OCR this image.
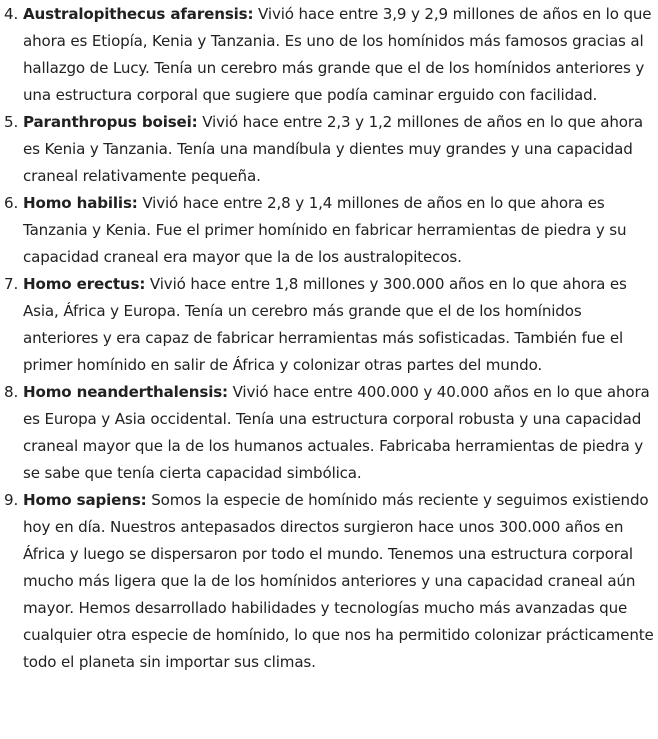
4. Australopithecus afarensis: Vivió hace entre 3,9 y 2,9 millones de años en lo que ahora es Etiopía, Kenia y Tanzania. Es uno de los homínidos más famosos gracias al hallazgo de Lucy. Tenía un cerebro más grande que el de los homínidos anteriores y una estructura corporal que sugiere que podía caminar erguido con facilidad.
5. Paranthropus boisei: Vivió hace entre 2,3 y 1,2 millones de años en lo que ahora es Kenia y Tanzania. Tenía una mandíbula y dientes muy grandes y una capacidad craneal relativamente pequeña.
6. Homo habilis: Vivió hace entre 2,8 y 1,4 millones de años en lo que ahora es Tanzania y Kenia. Fue el primer homínido en fabricar herramientas de piedra y su capacidad craneal era mayor que la de los australopitecos.
7. Homo erectus: Vivió hace entre 1,8 millones y 300.000 años en lo que ahora es Asia, África y Europa. Tenía un cerebro más grande que el de los homínidos anteriores y era capaz de fabricar herramientas más sofisticadas. También fue el primer homínido en salir de África y colonizar otras partes del mundo.
8. Homo neanderthalensis: Vivió hace entre 400.000 y 40.000 años en lo que ahora es Europa y Asia occidental. Tenía una estructura corporal robusta y una capacidad craneal mayor que la de los humanos actuales. Fabricaba herramientas de piedra y se sabe que tenía cierta capacidad simbólica.
9. Homo sapiens: Somos la especie de homínido más reciente y seguimos existiendo hoy en día. Nuestros antepasados directos surgieron hace unos 300.000 años en África y luego se dispersaron por todo el mundo. Tenemos una estructura corporal mucho más ligera que la de los homínidos anteriores y una capacidad craneal aún mayor. Hemos desarrollado habilidades y tecnologías mucho más avanzadas que cualquier otra especie de homínido, lo que nos ha permitido colonizar prácticamente todo el planeta sin importar sus climas.
